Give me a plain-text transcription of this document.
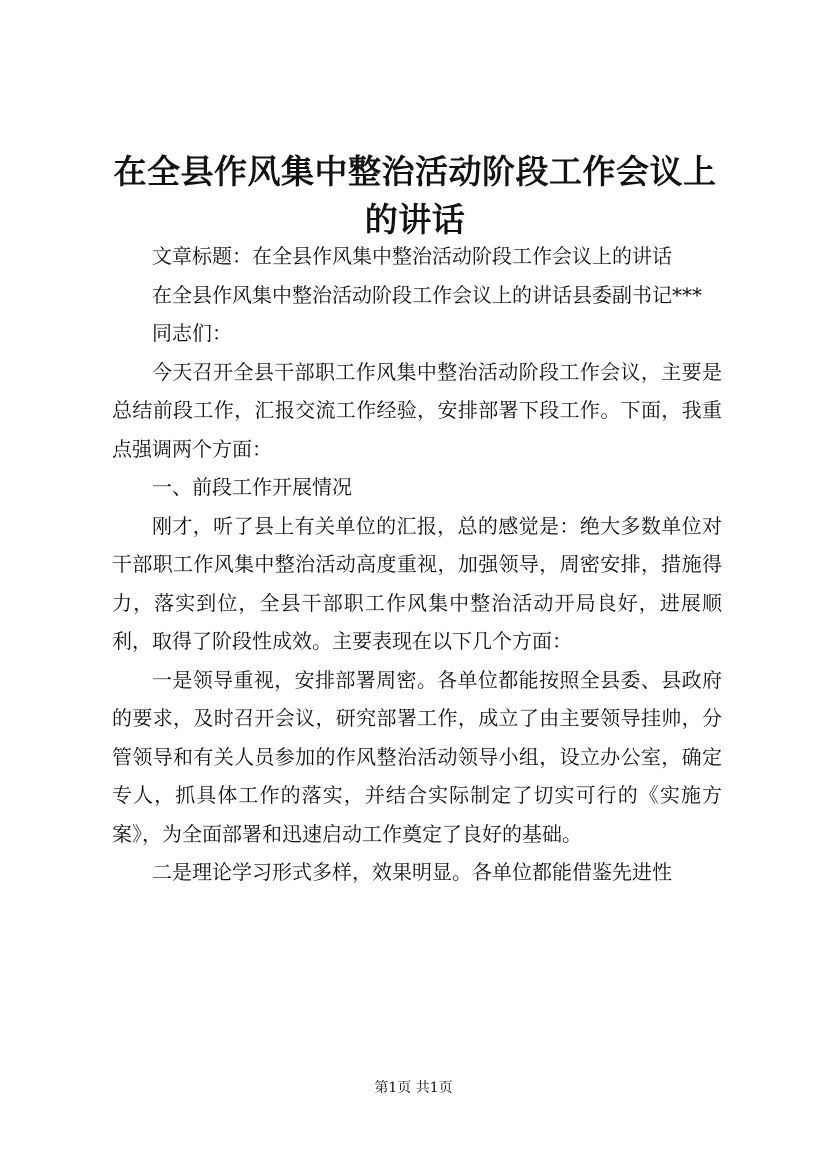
在全县作风集中整治活动阶段工作会议上的讲话

文章标题：在全县作风集中整治活动阶段工作会议上的讲话

在全县作风集中整治活动阶段工作会议上的讲话县委副书记***

同志们：

今天召开全县干部职工作风集中整治活动阶段工作会议，主要是总结前段工作，汇报交流工作经验，安排部署下段工作。下面，我重点强调两个方面：

一、前段工作开展情况

刚才，听了县上有关单位的汇报，总的感觉是：绝大多数单位对干部职工作风集中整治活动高度重视，加强领导，周密安排，措施得力，落实到位，全县干部职工作风集中整治活动开局良好，进展顺利，取得了阶段性成效。主要表现在以下几个方面：

一是领导重视，安排部署周密。各单位都能按照全县委、县政府的要求，及时召开会议，研究部署工作，成立了由主要领导挂帅，分管领导和有关人员参加的作风整治活动领导小组，设立办公室，确定专人，抓具体工作的落实，并结合实际制定了切实可行的《实施方案》，为全面部署和迅速启动工作奠定了良好的基础。

二是理论学习形式多样，效果明显。各单位都能借鉴先进性

第1页 共1页
